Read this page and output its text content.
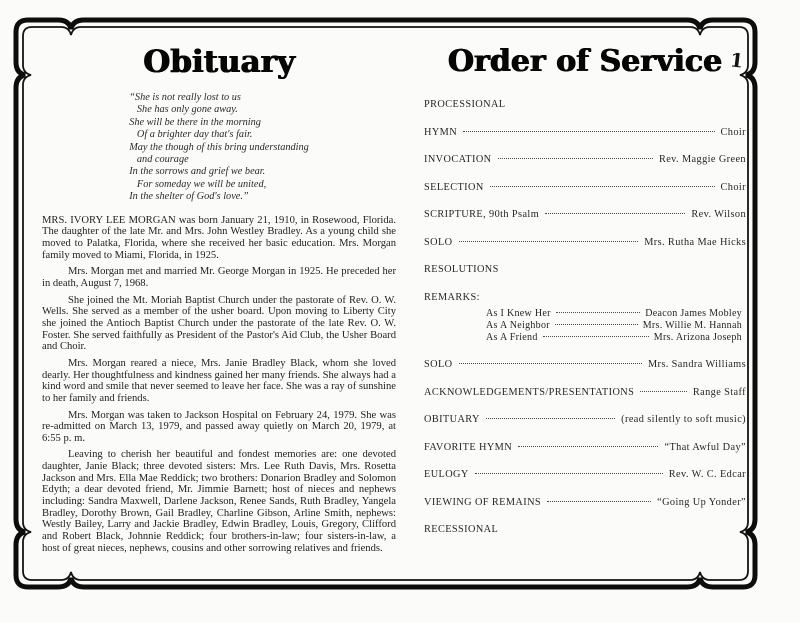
1
Obituary
“She is not really lost to us
She has only gone away.
She will be there in the morning
Of a brighter day that's fair.
May the though of this bring understanding
and courage
In the sorrows and grief we bear.
For someday we will be united,
In the shelter of God's love.”

MRS. IVORY LEE MORGAN was born January 21, 1910, in Rosewood, Florida. The daughter of the late Mr. and Mrs. John Westley Bradley. As a young child she moved to Palatka, Florida, where she received her basic education. Mrs. Morgan family moved to Miami, Florida, in 1925.

Mrs. Morgan met and married Mr. George Morgan in 1925. He preceded her in death, August 7, 1968.

She joined the Mt. Moriah Baptist Church under the pastorate of Rev. O. W. Wells. She served as a member of the usher board. Upon moving to Liberty City she joined the Antioch Baptist Church under the pastorate of the late Rev. O. W. Foster. She served faithfully as President of the Pastor's Aid Club, the Usher Board and Choir.

Mrs. Morgan reared a niece, Mrs. Janie Bradley Black, whom she loved dearly. Her thoughtfulness and kindness gained her many friends. She always had a kind word and smile that never seemed to leave her face. She was a ray of sunshine to her family and friends.

Mrs. Morgan was taken to Jackson Hospital on February 24, 1979. She was re-admitted on March 13, 1979, and passed away quietly on March 20, 1979, at 6:55 p. m.

Leaving to cherish her beautiful and fondest memories are: one devoted daughter, Janie Black; three devoted sisters: Mrs. Lee Ruth Davis, Mrs. Rosetta Jackson and Mrs. Ella Mae Reddick; two brothers: Donarion Bradley and Solomon Edyth; a dear devoted friend, Mr. Jimmie Barnett; host of nieces and nephews including: Sandra Maxwell, Darlene Jackson, Renee Sands, Ruth Bradley, Yangela Bradley, Dorothy Brown, Gail Bradley, Charline Gibson, Arline Smith, nephews: Westly Bailey, Larry and Jackie Bradley, Edwin Bradley, Louis, Gregory, Clifford and Robert Black, Johnnie Reddick; four brothers-in-law; four sisters-in-law, a host of great nieces, nephews, cousins and other sorrowing relatives and friends.

Order of Service
PROCESSIONAL
HYMN	Choir
INVOCATION	Rev. Maggie Green
SELECTION	Choir
SCRIPTURE, 90th Psalm	Rev. Wilson
SOLO	Mrs. Rutha Mae Hicks
RESOLUTIONS
REMARKS:
As I Knew Her	Deacon James Mobley
As A Neighbor	Mrs. Willie M. Hannah
As A Friend	Mrs. Arizona Joseph
SOLO	Mrs. Sandra Williams
ACKNOWLEDGEMENTS/PRESENTATIONS	Range Staff
OBITUARY	(read silently to soft music)
FAVORITE HYMN	“That Awful Day”
EULOGY	Rev. W. C. Edcar
VIEWING OF REMAINS	“Going Up Yonder”
RECESSIONAL
